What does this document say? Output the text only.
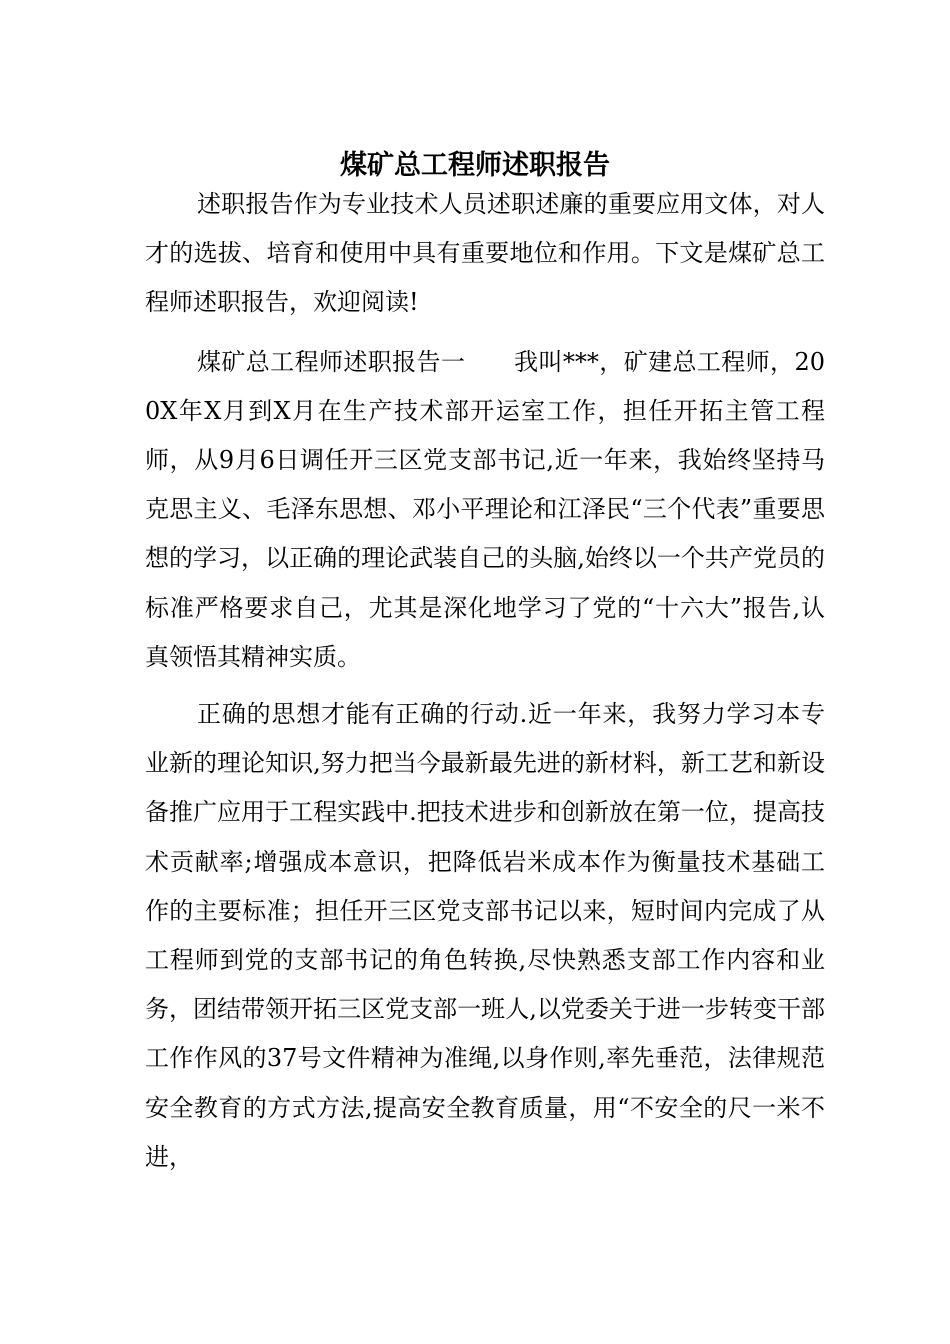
煤矿总工程师述职报告

述职报告作为专业技术人员述职述廉的重要应用文体，对人才的选拔、培育和使用中具有重要地位和作用。下文是煤矿总工程师述职报告，欢迎阅读!

煤矿总工程师述职报告一　　我叫***，矿建总工程师，200X年X月到X月在生产技术部开运室工作，担任开拓主管工程师，从9月6日调任开三区党支部书记,近一年来，我始终坚持马克思主义、毛泽东思想、邓小平理论和江泽民“三个代表”重要思想的学习，以正确的理论武装自己的头脑,始终以一个共产党员的标准严格要求自己，尤其是深化地学习了党的“十六大”报告,认真领悟其精神实质。

正确的思想才能有正确的行动.近一年来，我努力学习本专业新的理论知识,努力把当今最新最先进的新材料，新工艺和新设备推广应用于工程实践中.把技术进步和创新放在第一位，提高技术贡献率;增强成本意识，把降低岩米成本作为衡量技术基础工作的主要标准；担任开三区党支部书记以来，短时间内完成了从工程师到党的支部书记的角色转换,尽快熟悉支部工作内容和业务，团结带领开拓三区党支部一班人,以党委关于进一步转变干部工作作风的37号文件精神为准绳,以身作则,率先垂范，法律规范安全教育的方式方法,提高安全教育质量，用“不安全的尺一米不进，
